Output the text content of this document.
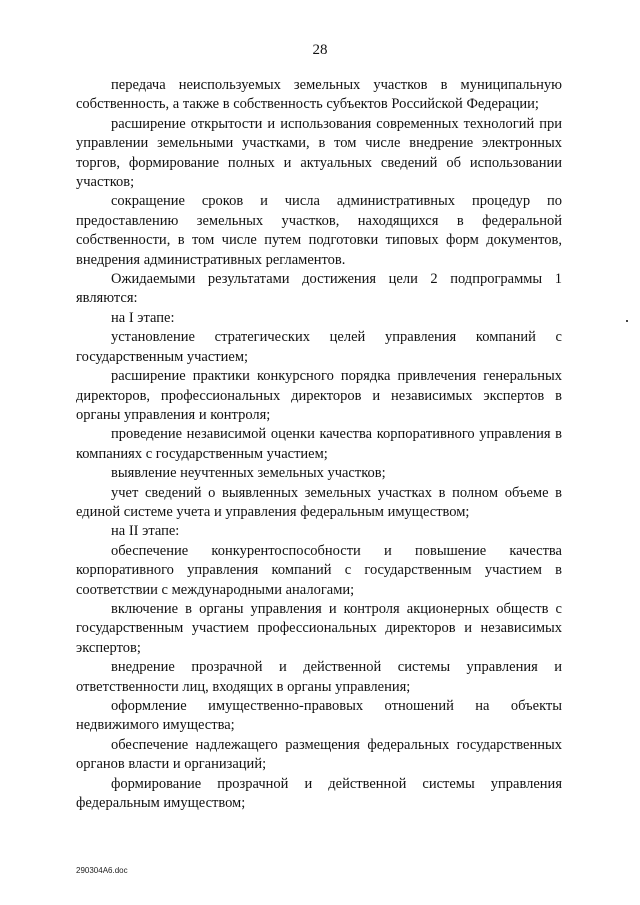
28

передача неиспользуемых земельных участков в муниципальную собственность, а также в собственность субъектов Российской Федерации;

расширение открытости и использования современных технологий при управлении земельными участками, в том числе внедрение электронных торгов, формирование полных и актуальных сведений об использовании участков;

сокращение сроков и числа административных процедур по предоставлению земельных участков, находящихся в федеральной собственности, в том числе путем подготовки типовых форм документов, внедрения административных регламентов.

Ожидаемыми результатами достижения цели 2 подпрограммы 1 являются:

на I этапе:

установление стратегических целей управления компаний с государственным участием;

расширение практики конкурсного порядка привлечения генеральных директоров, профессиональных директоров и независимых экспертов в органы управления и контроля;

проведение независимой оценки качества корпоративного управления в компаниях с государственным участием;

выявление неучтенных земельных участков;

учет сведений о выявленных земельных участках в полном объеме в единой системе учета и управления федеральным имуществом;

на II этапе:

обеспечение конкурентоспособности и повышение качества корпоративного управления компаний с государственным участием в соответствии с международными аналогами;

включение в органы управления и контроля акционерных обществ с государственным участием профессиональных директоров и независимых экспертов;

внедрение прозрачной и действенной системы управления и ответственности лиц, входящих в органы управления;

оформление имущественно-правовых отношений на объекты недвижимого имущества;

обеспечение надлежащего размещения федеральных государственных органов власти и организаций;

формирование прозрачной и действенной системы управления федеральным имуществом;

290304A6.doc
